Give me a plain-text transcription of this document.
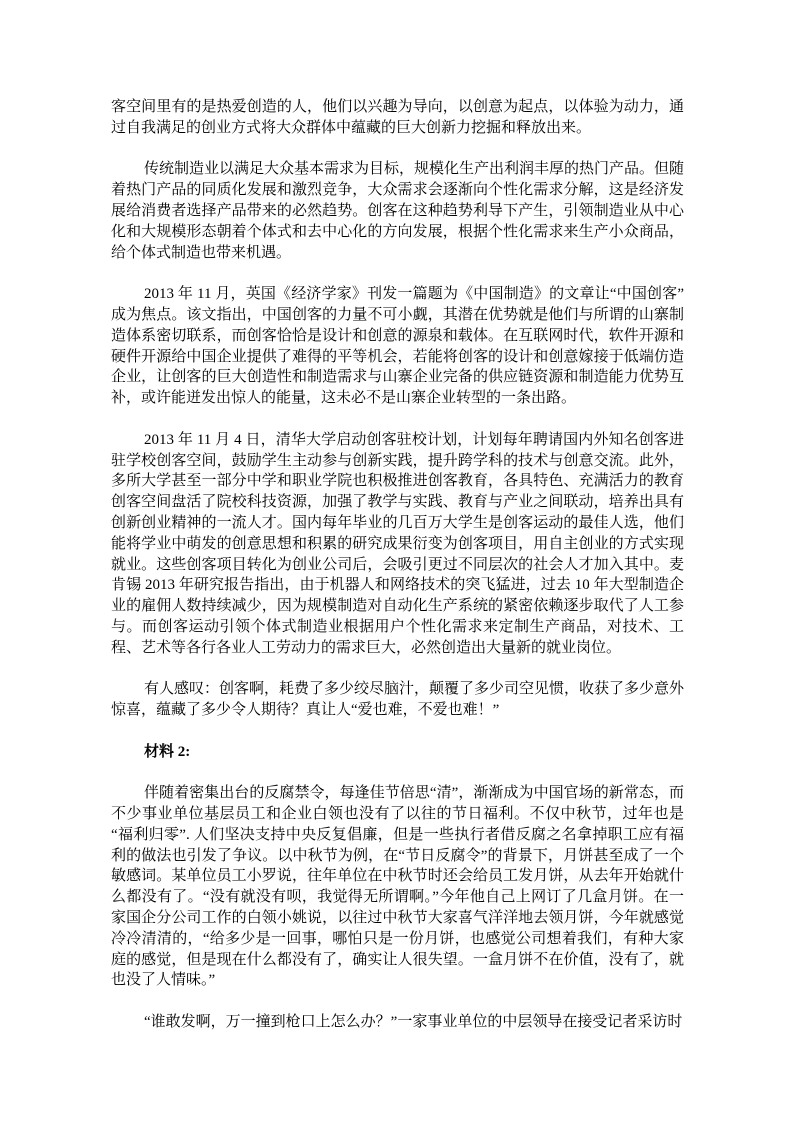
客空间里有的是热爱创造的人，他们以兴趣为导向，以创意为起点，以体验为动力，通过自我满足的创业方式将大众群体中蕴藏的巨大创新力挖掘和释放出来。

传统制造业以满足大众基本需求为目标，规模化生产出利润丰厚的热门产品。但随着热门产品的同质化发展和激烈竞争，大众需求会逐渐向个性化需求分解，这是经济发展给消费者选择产品带来的必然趋势。创客在这种趋势利导下产生，引领制造业从中心化和大规模形态朝着个体式和去中心化的方向发展，根据个性化需求来生产小众商品，给个体式制造也带来机遇。

2013 年 11 月，英国《经济学家》刊发一篇题为《中国制造》的文章让“中国创客”成为焦点。该文指出，中国创客的力量不可小觑，其潜在优势就是他们与所谓的山寨制造体系密切联系，而创客恰恰是设计和创意的源泉和载体。在互联网时代，软件开源和硬件开源给中国企业提供了难得的平等机会，若能将创客的设计和创意嫁接于低端仿造企业，让创客的巨大创造性和制造需求与山寨企业完备的供应链资源和制造能力优势互补，或许能迸发出惊人的能量，这未必不是山寨企业转型的一条出路。

2013 年 11 月 4 日，清华大学启动创客驻校计划，计划每年聘请国内外知名创客进驻学校创客空间，鼓励学生主动参与创新实践，提升跨学科的技术与创意交流。此外，多所大学甚至一部分中学和职业学院也积极推进创客教育，各具特色、充满活力的教育创客空间盘活了院校科技资源，加强了教学与实践、教育与产业之间联动，培养出具有创新创业精神的一流人才。国内每年毕业的几百万大学生是创客运动的最佳人选，他们能将学业中萌发的创意思想和积累的研究成果衍变为创客项目，用自主创业的方式实现就业。这些创客项目转化为创业公司后，会吸引更过不同层次的社会人才加入其中。麦肯锡 2013 年研究报告指出，由于机器人和网络技术的突飞猛进，过去 10 年大型制造企业的雇佣人数持续减少，因为规模制造对自动化生产系统的紧密依赖逐步取代了人工参与。而创客运动引领个体式制造业根据用户个性化需求来定制生产商品，对技术、工程、艺术等各行各业人工劳动力的需求巨大，必然创造出大量新的就业岗位。

有人感叹：创客啊，耗费了多少绞尽脑汁，颠覆了多少司空见惯，收获了多少意外惊喜，蕴藏了多少令人期待？真让人“爱也难，不爱也难！”

材料 2:

伴随着密集出台的反腐禁令，每逢佳节倍思“清”，渐渐成为中国官场的新常态，而不少事业单位基层员工和企业白领也没有了以往的节日福利。不仅中秋节，过年也是“福利归零”. 人们坚决支持中央反复倡廉，但是一些执行者借反腐之名拿掉职工应有福利的做法也引发了争议。以中秋节为例，在“节日反腐令”的背景下，月饼甚至成了一个敏感词。某单位员工小罗说，往年单位在中秋节时还会给员工发月饼，从去年开始就什么都没有了。“没有就没有呗，我觉得无所谓啊。”今年他自己上网订了几盒月饼。在一家国企分公司工作的白领小姚说，以往过中秋节大家喜气洋洋地去领月饼，今年就感觉冷冷清清的，“给多少是一回事，哪怕只是一份月饼，也感觉公司想着我们，有种大家庭的感觉，但是现在什么都没有了，确实让人很失望。一盒月饼不在价值，没有了，就也没了人情味。”

“谁敢发啊，万一撞到枪口上怎么办？”一家事业单位的中层领导在接受记者采访时
